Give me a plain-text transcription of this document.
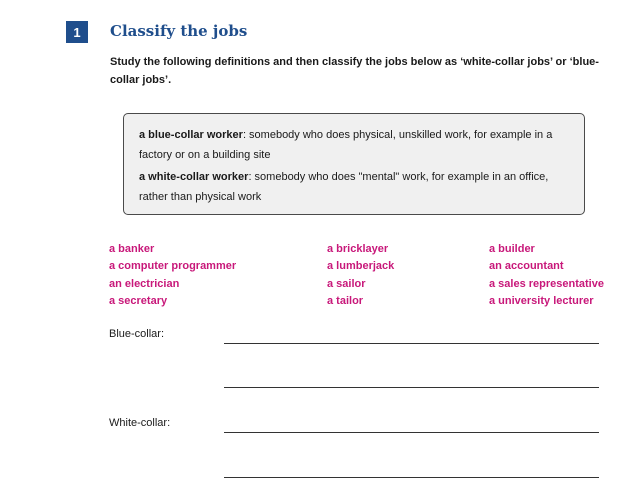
1	Classify the jobs
Study the following definitions and then classify the jobs below as ‘white-collar jobs’ or ‘blue-collar jobs’.

a blue-collar worker: somebody who does physical, unskilled work, for example in a factory or on a building site

a white-collar worker: somebody who does "mental" work, for example in an office, rather than physical work

a banker
a computer programmer
an electrician
a secretary
a bricklayer
a lumberjack
a sailor
a tailor
a builder
an accountant
a sales representative
a university lecturer
Blue-collar:
White-collar:
